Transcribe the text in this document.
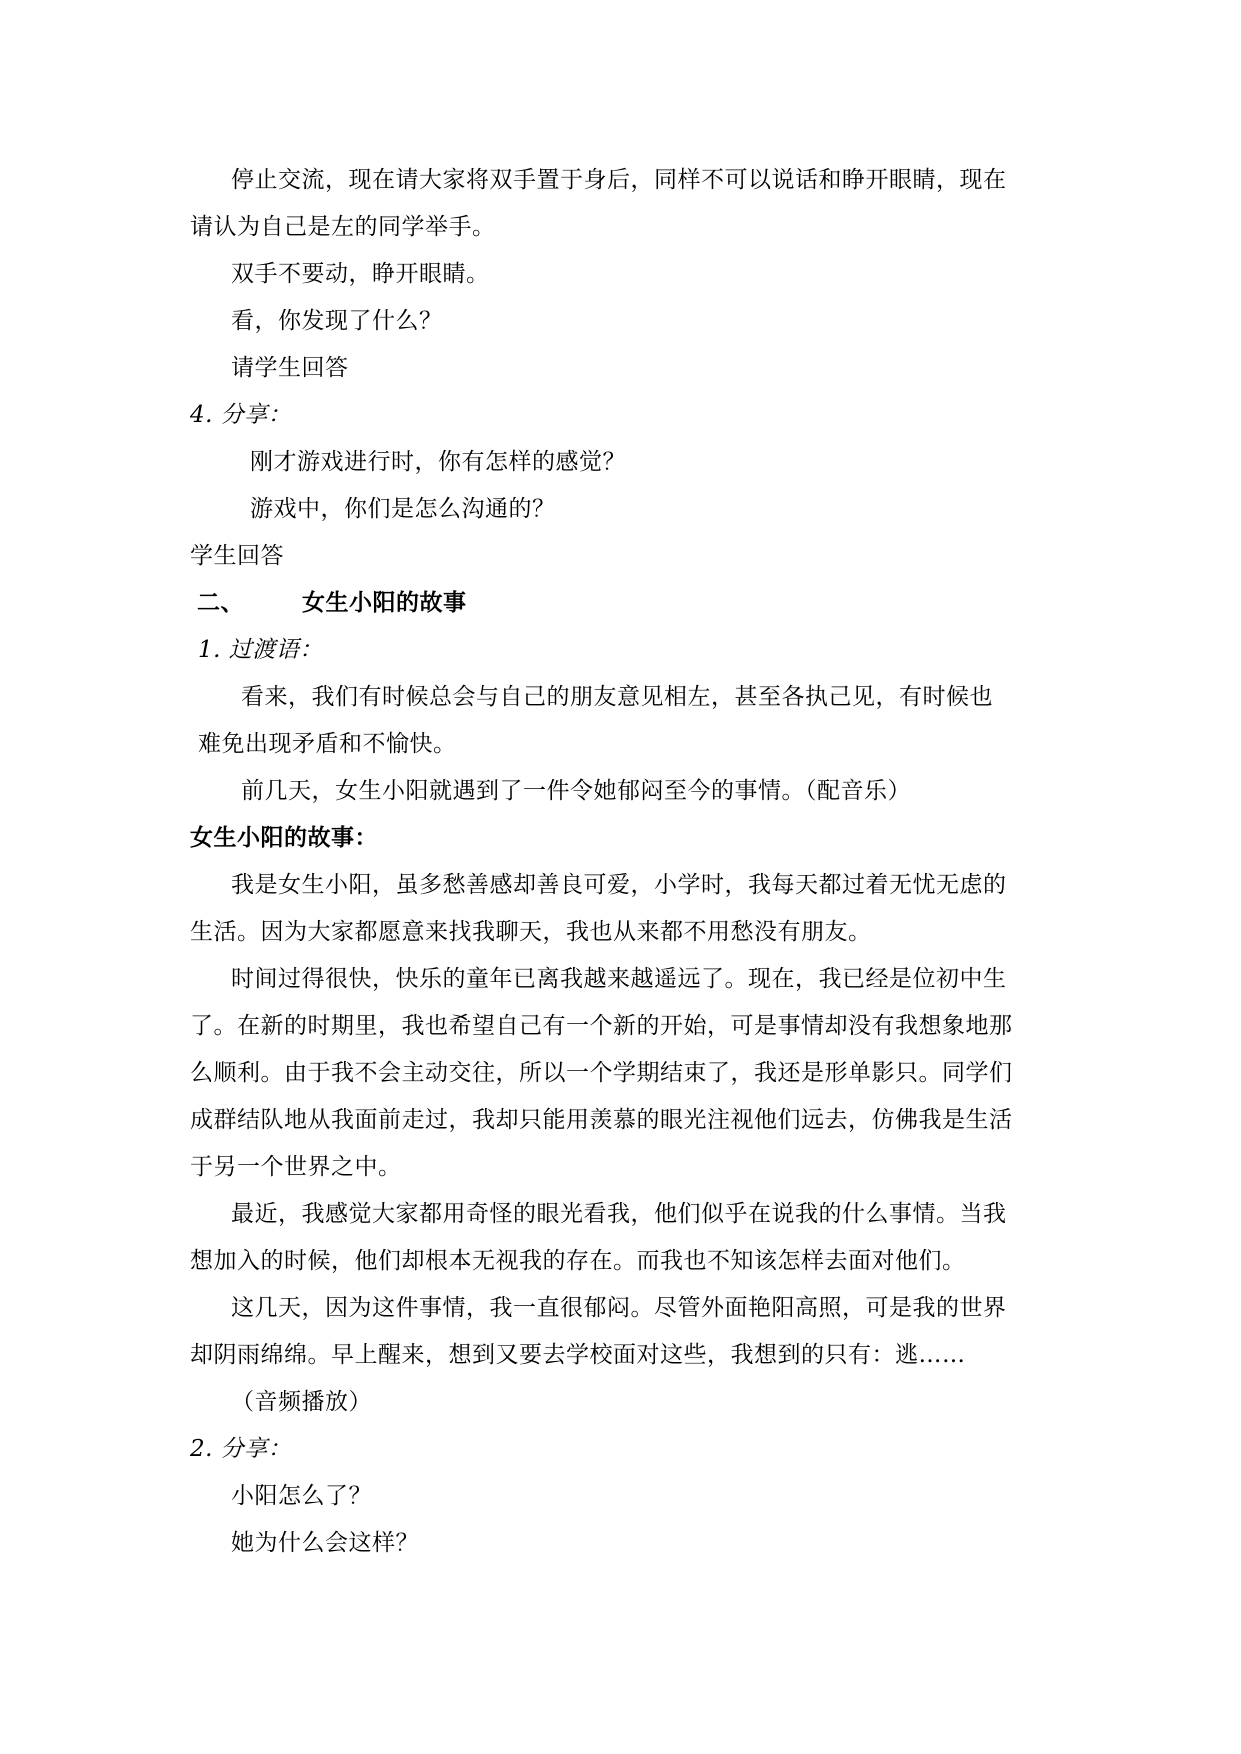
停止交流，现在请大家将双手置于身后，同样不可以说话和睁开眼睛，现在
请认为自己是左的同学举手。
双手不要动，睁开眼睛。
看，你发现了什么？
请学生回答
4. 分享：
刚才游戏进行时，你有怎样的感觉？
游戏中，你们是怎么沟通的？
学生回答
二、	女生小阳的故事
1. 过渡语：
看来，我们有时候总会与自己的朋友意见相左，甚至各执己见，有时候也
难免出现矛盾和不愉快。
前几天，女生小阳就遇到了一件令她郁闷至今的事情。（配音乐）
女生小阳的故事：
我是女生小阳，虽多愁善感却善良可爱，小学时，我每天都过着无忧无虑的
生活。因为大家都愿意来找我聊天，我也从来都不用愁没有朋友。
时间过得很快，快乐的童年已离我越来越遥远了。现在，我已经是位初中生
了。在新的时期里，我也希望自己有一个新的开始，可是事情却没有我想象地那
么顺利。由于我不会主动交往，所以一个学期结束了，我还是形单影只。同学们
成群结队地从我面前走过，我却只能用羡慕的眼光注视他们远去，仿佛我是生活
于另一个世界之中。
最近，我感觉大家都用奇怪的眼光看我，他们似乎在说我的什么事情。当我
想加入的时候，他们却根本无视我的存在。而我也不知该怎样去面对他们。
这几天，因为这件事情，我一直很郁闷。尽管外面艳阳高照，可是我的世界
却阴雨绵绵。早上醒来，想到又要去学校面对这些，我想到的只有：逃……
（音频播放）
2. 分享：
小阳怎么了？
她为什么会这样？
